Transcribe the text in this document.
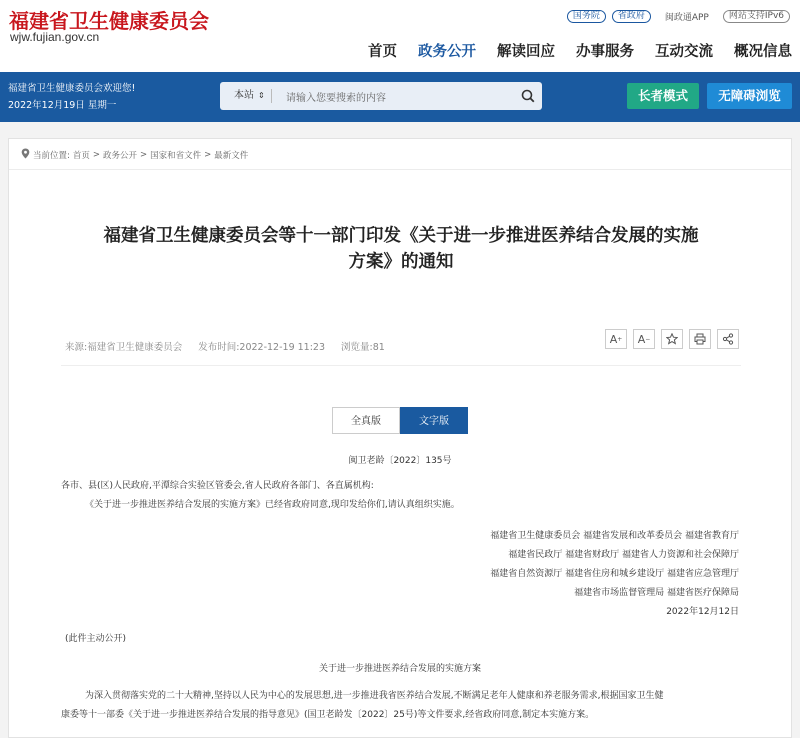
福建省卫生健康委员会
wjw.fujian.gov.cn
国务院	省政府	闽政通APP	网站支持IPv6
首页 政务公开 解读回应 办事服务 互动交流 概况信息
福建省卫生健康委员会欢迎您!
2022年12月19日 星期一
本站 ⇕	请输入您要搜索的内容	长者模式	无障碍浏览
当前位置: 首页 > 政务公开 > 国家和省文件 > 最新文件
福建省卫生健康委员会等十一部门印发《关于进一步推进医养结合发展的实施
方案》的通知
来源:福建省卫生健康委员会 发布时间:2022-12-19 11:23 浏览量:81
A +	A −
全真版	文字版
闽卫老龄〔2022〕135号
各市、县(区)人民政府,平潭综合实验区管委会,省人民政府各部门、各直属机构:
《关于进一步推进医养结合发展的实施方案》已经省政府同意,现印发给你们,请认真组织实施。
福建省卫生健康委员会 福建省发展和改革委员会 福建省教育厅
福建省民政厅 福建省财政厅 福建省人力资源和社会保障厅
福建省自然资源厅 福建省住房和城乡建设厅 福建省应急管理厅
福建省市场监督管理局 福建省医疗保障局
2022年12月12日
(此件主动公开)
关于进一步推进医养结合发展的实施方案
为深入贯彻落实党的二十大精神,坚持以人民为中心的发展思想,进一步推进我省医养结合发展,不断满足老年人健康和养老服务需求,根据国家卫生健
康委等十一部委《关于进一步推进医养结合发展的指导意见》(国卫老龄发〔2022〕25号)等文件要求,经省政府同意,制定本实施方案。
